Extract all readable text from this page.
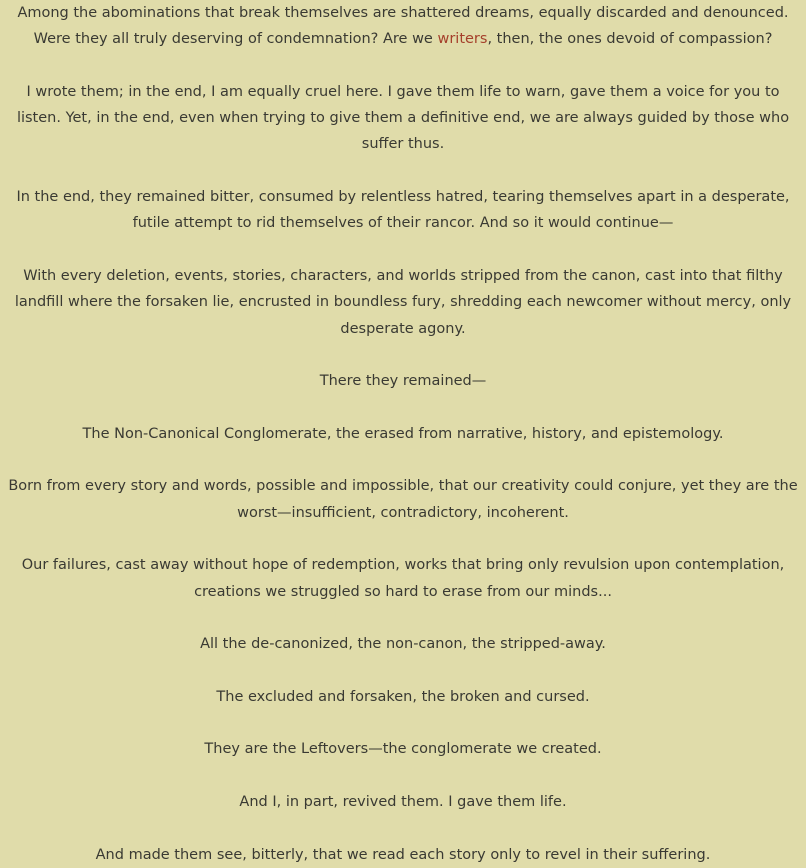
Among the abominations that break themselves are shattered dreams, equally discarded and denounced. Were they all truly deserving of condemnation? Are we writers, then, the ones devoid of compassion?

I wrote them; in the end, I am equally cruel here. I gave them life to warn, gave them a voice for you to listen. Yet, in the end, even when trying to give them a definitive end, we are always guided by those who suffer thus.

In the end, they remained bitter, consumed by relentless hatred, tearing themselves apart in a desperate, futile attempt to rid themselves of their rancor. And so it would continue—

With every deletion, events, stories, characters, and worlds stripped from the canon, cast into that filthy landfill where the forsaken lie, encrusted in boundless fury, shredding each newcomer without mercy, only desperate agony.

There they remained—

The Non-Canonical Conglomerate, the erased from narrative, history, and epistemology.

Born from every story and words, possible and impossible, that our creativity could conjure, yet they are the worst—insufficient, contradictory, incoherent.

Our failures, cast away without hope of redemption, works that bring only revulsion upon contemplation, creations we struggled so hard to erase from our minds...

All the de-canonized, the non-canon, the stripped-away.

The excluded and forsaken, the broken and cursed.

They are the Leftovers—the conglomerate we created.

And I, in part, revived them. I gave them life.

And made them see, bitterly, that we read each story only to revel in their suffering.
